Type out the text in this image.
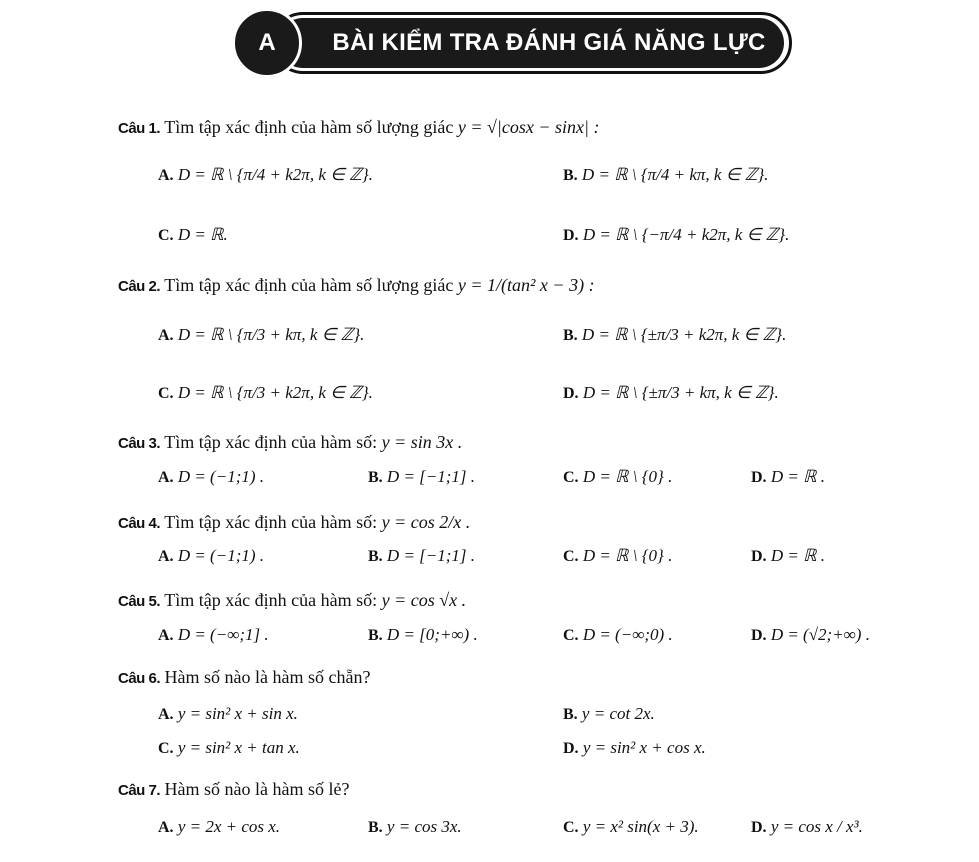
BÀI KIỂM TRA ĐÁNH GIÁ NĂNG LỰC
A
Câu 1. Tìm tập xác định của hàm số lượng giác y = √|cosx − sinx| :
A. D = ℝ \ {π/4 + k2π, k ∈ ℤ}.	B. D = ℝ \ {π/4 + kπ, k ∈ ℤ}.
C. D = ℝ.	D. D = ℝ \ {−π/4 + k2π, k ∈ ℤ}.
Câu 2. Tìm tập xác định của hàm số lượng giác y = 1/(tan² x − 3) :
A. D = ℝ \ {π/3 + kπ, k ∈ ℤ}.	B. D = ℝ \ {±π/3 + k2π, k ∈ ℤ}.
C. D = ℝ \ {π/3 + k2π, k ∈ ℤ}.	D. D = ℝ \ {±π/3 + kπ, k ∈ ℤ}.
Câu 3. Tìm tập xác định của hàm số: y = sin 3x .
A. D = (−1;1) .	B. D = [−1;1] .	C. D = ℝ \ {0} .	D. D = ℝ .
Câu 4. Tìm tập xác định của hàm số: y = cos 2/x .
A. D = (−1;1) .	B. D = [−1;1] .	C. D = ℝ \ {0} .	D. D = ℝ .
Câu 5. Tìm tập xác định của hàm số: y = cos √x .
A. D = (−∞;1] .	B. D = [0;+∞) .	C. D = (−∞;0) .	D. D = (√2;+∞) .
Câu 6. Hàm số nào là hàm số chẵn?
A. y = sin² x + sin x.	B. y = cot 2x.
C. y = sin² x + tan x.	D. y = sin² x + cos x.
Câu 7. Hàm số nào là hàm số lẻ?
A. y = 2x + cos x.	B. y = cos 3x.	C. y = x² sin(x + 3).	D. y = cos x / x³.
